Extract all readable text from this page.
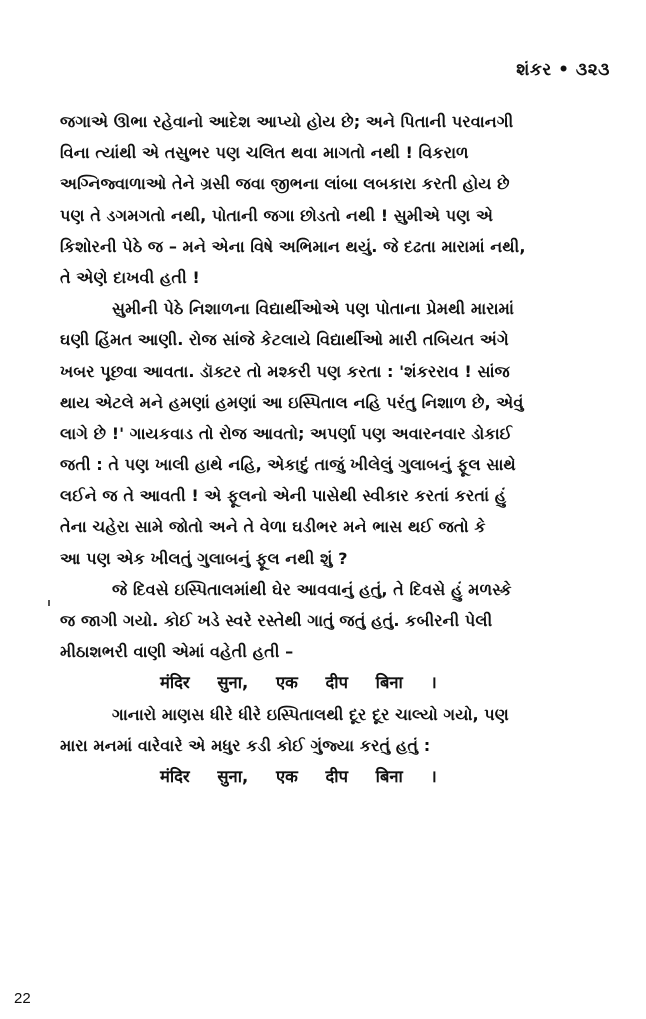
શંકર • ૩૨૩
જગાએ ઊભા રહેવાનો આદેશ આપ્યો હોય છે; અને પિતાની પરવાનગી
વિના ત્યાંથી એ તસુભર પણ ચલિત થવા માગતો નથી ! વિકરાળ
અગ્નિજ્વાળાઓ તેને ગ્રસી જવા જીભના લાંબા લબકારા કરતી હોય છે
પણ તે ડગમગતો નથી, પોતાની જગા છોડતો નથી ! સુમીએ પણ એ
કિશોરની પેઠે જ – મને એના વિષે અભિમાન થયું. જે દઢતા મારામાં નથી,
તે એણે દાખવી હતી !
સુમીની પેઠે નિશાળના વિદ્યાર્થીઓએ પણ પોતાના પ્રેમથી મારામાં
ઘણી હિંમત આણી. રોજ સાંજે કેટલાયે વિદ્યાર્થીઓ મારી તબિયત અંગે
ખબર પૂછવા આવતા. ડૉક્ટર તો મશ્કરી પણ કરતા : 'શંકરરાવ ! સાંજ
થાય એટલે મને હમણાં હમણાં આ ઇસ્પિતાલ નહિ પરંતુ નિશાળ છે, એવું
લાગે છે !' ગાયકવાડ તો રોજ આવતો; અપર્ણા પણ અવારનવાર ડોકાઈ
જતી : તે પણ ખાલી હાથે નહિ, એકાદું તાજું ખીલેલું ગુલાબનું ફૂલ સાથે
લઈને જ તે આવતી ! એ ફૂલનો એની પાસેથી સ્વીકાર કરતાં કરતાં હું
તેના ચહેરા સામે જોતો અને તે વેળા ઘડીભર મને ભાસ થઈ જતો કે
આ પણ એક ખીલતું ગુલાબનું ફૂલ નથી શું ?
જે દિવસે ઇસ્પિતાલમાંથી ઘેર આવવાનું હતું, તે દિવસે હું મળસ્કે
જ જાગી ગયો. કોઈ ખડે સ્વરે રસ્તેથી ગાતું જતું હતું. કબીરની પેલી
મીઠાશભરી વાણી એમાં વહેતી હતી –
मंदिर सुना, एक दीप बिना ।
ગાનારો માણસ ધીરે ધીરે ઇસ્પિતાલથી દૂર દૂર ચાલ્યો ગયો, પણ
મારા મનમાં વારેવારે એ મધુર કડી કોઈ ગુંજ્યા કરતું હતું :
मंदिर सुना, एक दीप बिना ।
22
